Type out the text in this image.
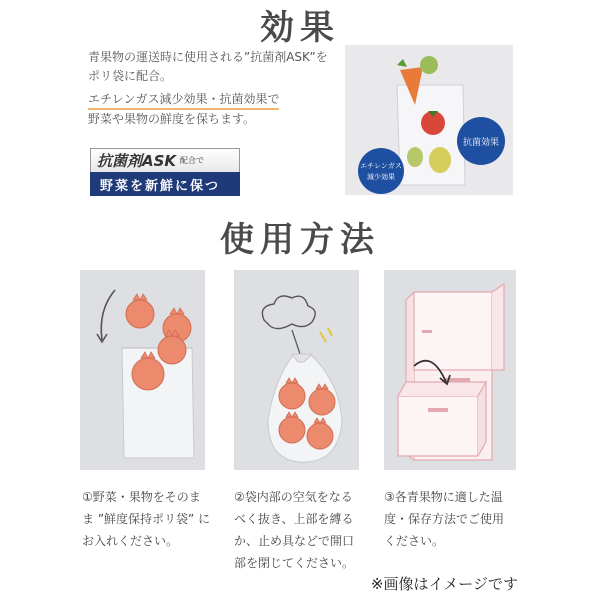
効果
青果物の運送時に使用される”抗菌剤ASK”を
ポリ袋に配合。
エチレンガス減少効果・抗菌効果で
野菜や果物の鮮度を保ちます。
抗菌剤ASK 配合で
野菜を新鮮に保つ
抗菌効果
エチレンガス
減少効果
使用方法
①野菜・果物をそのま
ま ”鮮度保持ポリ袋” に
お入れください。
②袋内部の空気をなる
べく抜き、上部を縛る
か、止め具などで開口
部を閉じてください。
③各青果物に適した温
度・保存方法でご使用
ください。
※画像はイメージです
